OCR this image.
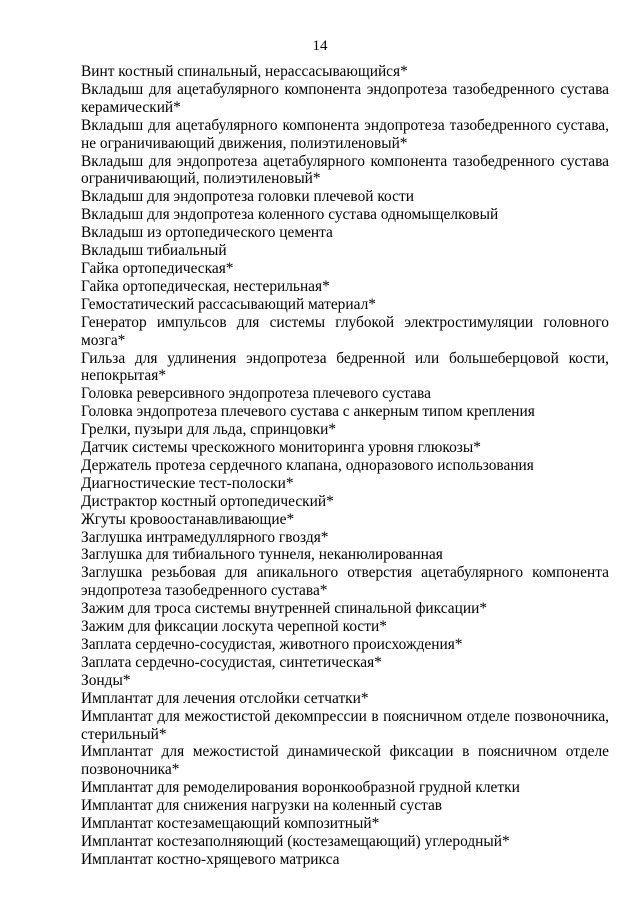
14

Винт костный спинальный, нерассасывающийся*

Вкладыш для ацетабулярного компонента эндопротеза тазобедренного сустава керамический*

Вкладыш для ацетабулярного компонента эндопротеза тазобедренного сустава, не ограничивающий движения, полиэтиленовый*

Вкладыш для эндопротеза ацетабулярного компонента тазобедренного сустава ограничивающий, полиэтиленовый*

Вкладыш для эндопротеза головки плечевой кости

Вкладыш для эндопротеза коленного сустава одномыщелковый

Вкладыш из ортопедического цемента

Вкладыш тибиальный

Гайка ортопедическая*

Гайка ортопедическая, нестерильная*

Гемостатический рассасывающий материал*

Генератор импульсов для системы глубокой электростимуляции головного мозга*

Гильза для удлинения эндопротеза бедренной или большеберцовой кости, непокрытая*

Головка реверсивного эндопротеза плечевого сустава

Головка эндопротеза плечевого сустава с анкерным типом крепления

Грелки, пузыри для льда, спринцовки*

Датчик системы чрескожного мониторинга уровня глюкозы*

Держатель протеза сердечного клапана, одноразового использования

Диагностические тест-полоски*

Дистрактор костный ортопедический*

Жгуты кровоостанавливающие*

Заглушка интрамедуллярного гвоздя*

Заглушка для тибиального туннеля, неканюлированная

Заглушка резьбовая для апикального отверстия ацетабулярного компонента эндопротеза тазобедренного сустава*

Зажим для троса системы внутренней спинальной фиксации*

Зажим для фиксации лоскута черепной кости*

Заплата сердечно-сосудистая, животного происхождения*

Заплата сердечно-сосудистая, синтетическая*

Зонды*

Имплантат для лечения отслойки сетчатки*

Имплантат для межостистой декомпрессии в поясничном отделе позвоночника, стерильный*

Имплантат для межостистой динамической фиксации в поясничном отделе позвоночника*

Имплантат для ремоделирования воронкообразной грудной клетки

Имплантат для снижения нагрузки на коленный сустав

Имплантат костезамещающий композитный*

Имплантат костезаполняющий (костезамещающий) углеродный*

Имплантат костно-хрящевого матрикса
